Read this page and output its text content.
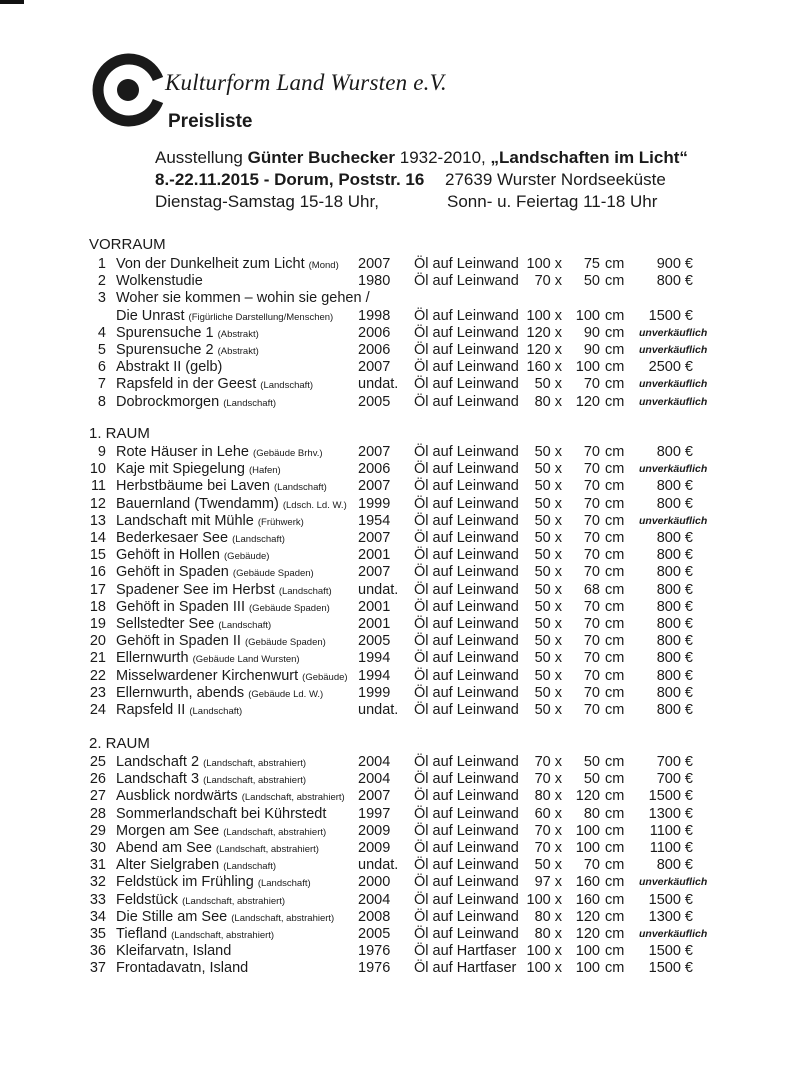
Kulturform Land Wursten e.V.
Preisliste
Ausstellung Günter Buchecker 1932-2010, „Landschaften im Licht“
8.-22.11.2015 - Dorum, Poststr. 16 27639 Wurster Nordseeküste
Dienstag-Samstag 15-18 Uhr,	Sonn- u. Feiertag 11-18 Uhr
VORRAUM
1 Von der Dunkelheit zum Licht (Mond) 2007 Öl auf Leinwand 100 x	75 cm	900 €
2 Wolkenstudie	1980 Öl auf Leinwand	70 x	50 cm	800 €
3 Woher sie kommen – wohin sie gehen /
Die Unrast (Figürliche Darstellung/Menschen) 1998 Öl auf Leinwand 100 x 100 cm	1500 €
4 Spurensuche 1 (Abstrakt)	2006 Öl auf Leinwand 120 x	90 cm unverkäuflich
5 Spurensuche 2 (Abstrakt)	2006 Öl auf Leinwand 120 x	90 cm unverkäuflich
6 Abstrakt II (gelb)	2007 Öl auf Leinwand 160 x 100 cm	2500 €
7 Rapsfeld in der Geest (Landschaft)	undat. Öl auf Leinwand	50 x	70 cm unverkäuflich
8 Dobrockmorgen (Landschaft)	2005 Öl auf Leinwand	80 x 120 cm unverkäuflich
1. RAUM
9 Rote Häuser in Lehe (Gebäude Brhv.) 2007 Öl auf Leinwand	50 x	70 cm	800 €
10 Kaje mit Spiegelung (Hafen)	2006 Öl auf Leinwand	50 x	70 cm unverkäuflich
11 Herbstbäume bei Laven (Landschaft) 2007 Öl auf Leinwand	50 x	70 cm	800 €
12 Bauernland (Twendamm) (Ldsch. Ld. W.) 1999 Öl auf Leinwand	50 x	70 cm	800 €
13 Landschaft mit Mühle (Frühwerk)	1954 Öl auf Leinwand	50 x	70 cm unverkäuflich
14 Bederkesaer See (Landschaft)	2007 Öl auf Leinwand	50 x	70 cm	800 €
15 Gehöft in Hollen (Gebäude)	2001 Öl auf Leinwand	50 x	70 cm	800 €
16 Gehöft in Spaden (Gebäude Spaden)	2007 Öl auf Leinwand	50 x	70 cm	800 €
17 Spadener See im Herbst (Landschaft) undat. Öl auf Leinwand	50 x	68 cm	800 €
18 Gehöft in Spaden III (Gebäude Spaden) 2001 Öl auf Leinwand	50 x	70 cm	800 €
19 Sellstedter See (Landschaft)	2001 Öl auf Leinwand	50 x	70 cm	800 €
20 Gehöft in Spaden II (Gebäude Spaden) 2005 Öl auf Leinwand	50 x	70 cm	800 €
21 Ellernwurth (Gebäude Land Wursten)	1994 Öl auf Leinwand	50 x	70 cm	800 €
22 Misselwardener Kirchenwurt (Gebäude) 1994 Öl auf Leinwand	50 x	70 cm	800 €
23 Ellernwurth, abends (Gebäude Ld. W.) 1999 Öl auf Leinwand	50 x	70 cm	800 €
24 Rapsfeld II (Landschaft)	undat. Öl auf Leinwand	50 x	70 cm	800 €
2. RAUM
25 Landschaft 2 (Landschaft, abstrahiert)	2004 Öl auf Leinwand	70 x	50 cm	700 €
26 Landschaft 3 (Landschaft, abstrahiert)	2004 Öl auf Leinwand	70 x	50 cm	700 €
27 Ausblick nordwärts (Landschaft, abstrahiert) 2007 Öl auf Leinwand	80 x 120 cm	1500 €
28 Sommerlandschaft bei Kührstedt 1997 Öl auf Leinwand	60 x	80 cm	1300 €
29 Morgen am See (Landschaft, abstrahiert) 2009 Öl auf Leinwand	70 x 100 cm	1100 €
30 Abend am See (Landschaft, abstrahiert)	2009 Öl auf Leinwand	70 x 100 cm	1100 €
31 Alter Sielgraben (Landschaft)	undat. Öl auf Leinwand	50 x	70 cm	800 €
32 Feldstück im Frühling (Landschaft)	2000 Öl auf Leinwand	97 x 160 cm unverkäuflich
33 Feldstück (Landschaft, abstrahiert)	2004 Öl auf Leinwand 100 x 160 cm	1500 €
34 Die Stille am See (Landschaft, abstrahiert) 2008 Öl auf Leinwand	80 x 120 cm	1300 €
35 Tiefland (Landschaft, abstrahiert)	2005 Öl auf Leinwand	80 x 120 cm unverkäuflich
36 Kleifarvatn, Island	1976 Öl auf Hartfaser 100 x 100 cm	1500 €
37 Frontadavatn, Island	1976 Öl auf Hartfaser 100 x 100 cm	1500 €
